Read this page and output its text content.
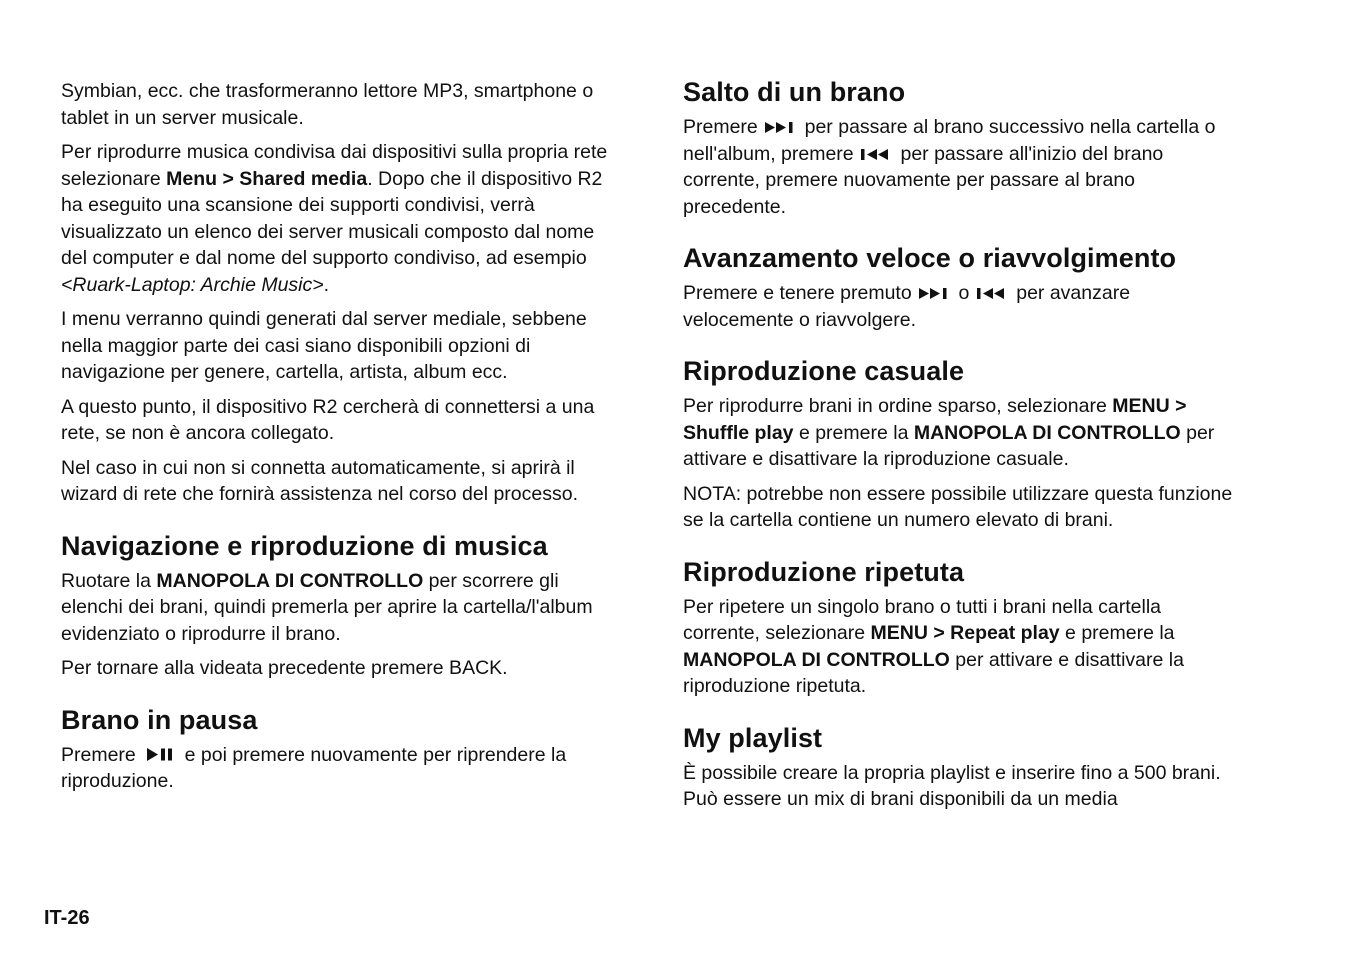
Symbian, ecc. che trasformeranno lettore MP3, smartphone o tablet in un server musicale.

Per riprodurre musica condivisa dai dispositivi sulla propria rete selezionare Menu > Shared media. Dopo che il dispositivo R2 ha eseguito una scansione dei supporti condivisi, verrà visualizzato un elenco dei server musicali composto dal nome del computer e dal nome del supporto condiviso, ad esempio <Ruark-Laptop: Archie Music>.

I menu verranno quindi generati dal server mediale, sebbene nella maggior parte dei casi siano disponibili opzioni di navigazione per genere, cartella, artista, album ecc.

A questo punto, il dispositivo R2 cercherà di connettersi a una rete, se non è ancora collegato.

Nel caso in cui non si connetta automaticamente, si aprirà il wizard di rete che fornirà assistenza nel corso del processo.

Navigazione e riproduzione di musica

Ruotare la MANOPOLA DI CONTROLLO per scorrere gli elenchi dei brani, quindi premerla per aprire la cartella/l'album evidenziato o riprodurre il brano.

Per tornare alla videata precedente premere BACK.

Brano in pausa

Premere
e poi premere nuovamente per riprendere la riproduzione.

Salto di un brano

Premere
per passare al brano successivo nella cartella o nell'album, premere
per passare all'inizio del brano corrente, premere nuovamente per passare al brano precedente.

Avanzamento veloce o riavvolgimento

Premere e tenere premuto
o
per avanzare velocemente o riavvolgere.

Riproduzione casuale

Per riprodurre brani in ordine sparso, selezionare MENU > Shuffle play e premere la MANOPOLA DI CONTROLLO per attivare e disattivare la riproduzione casuale.

NOTA: potrebbe non essere possibile utilizzare questa funzione se la cartella contiene un numero elevato di brani.

Riproduzione ripetuta

Per ripetere un singolo brano o tutti i brani nella cartella corrente, selezionare MENU > Repeat play e premere la MANOPOLA DI CONTROLLO per attivare e disattivare la riproduzione ripetuta.

My playlist

È possibile creare la propria playlist e inserire fino a 500 brani. Può essere un mix di brani disponibili da un media

IT-26
